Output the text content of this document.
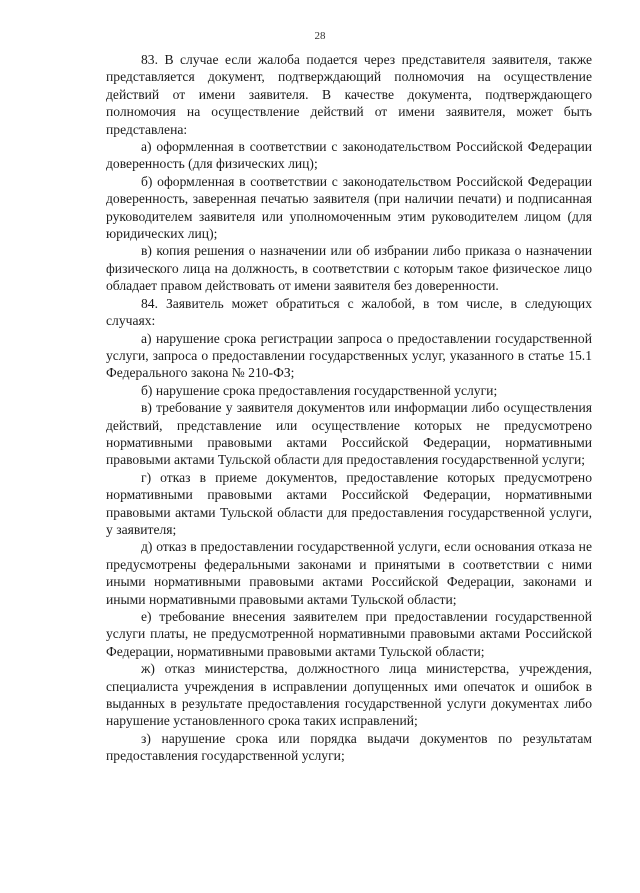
28

83. В случае если жалоба подается через представителя заявителя, также представляется документ, подтверждающий полномочия на осуществление действий от имени заявителя. В качестве документа, подтверждающего полномочия на осуществление действий от имени заявителя, может быть представлена:

а) оформленная в соответствии с законодательством Российской Федерации доверенность (для физических лиц);

б) оформленная в соответствии с законодательством Российской Федерации доверенность, заверенная печатью заявителя (при наличии печати) и подписанная руководителем заявителя или уполномоченным этим руководителем лицом (для юридических лиц);

в) копия решения о назначении или об избрании либо приказа о назначении физического лица на должность, в соответствии с которым такое физическое лицо обладает правом действовать от имени заявителя без доверенности.

84. Заявитель может обратиться с жалобой, в том числе, в следующих случаях:

а) нарушение срока регистрации запроса о предоставлении государственной услуги, запроса о предоставлении государственных услуг, указанного в статье 15.1 Федерального закона № 210-ФЗ;

б) нарушение срока предоставления государственной услуги;

в) требование у заявителя документов или информации либо осуществления действий, представление или осуществление которых не предусмотрено нормативными правовыми актами Российской Федерации, нормативными правовыми актами Тульской области для предоставления государственной услуги;

г) отказ в приеме документов, предоставление которых предусмотрено нормативными правовыми актами Российской Федерации, нормативными правовыми актами Тульской области для предоставления государственной услуги, у заявителя;

д) отказ в предоставлении государственной услуги, если основания отказа не предусмотрены федеральными законами и принятыми в соответствии с ними иными нормативными правовыми актами Российской Федерации, законами и иными нормативными правовыми актами Тульской области;

е) требование внесения заявителем при предоставлении государственной услуги платы, не предусмотренной нормативными правовыми актами Российской Федерации, нормативными правовыми актами Тульской области;

ж) отказ министерства, должностного лица министерства, учреждения, специалиста учреждения в исправлении допущенных ими опечаток и ошибок в выданных в результате предоставления государственной услуги документах либо нарушение установленного срока таких исправлений;

з) нарушение срока или порядка выдачи документов по результатам предоставления государственной услуги;
